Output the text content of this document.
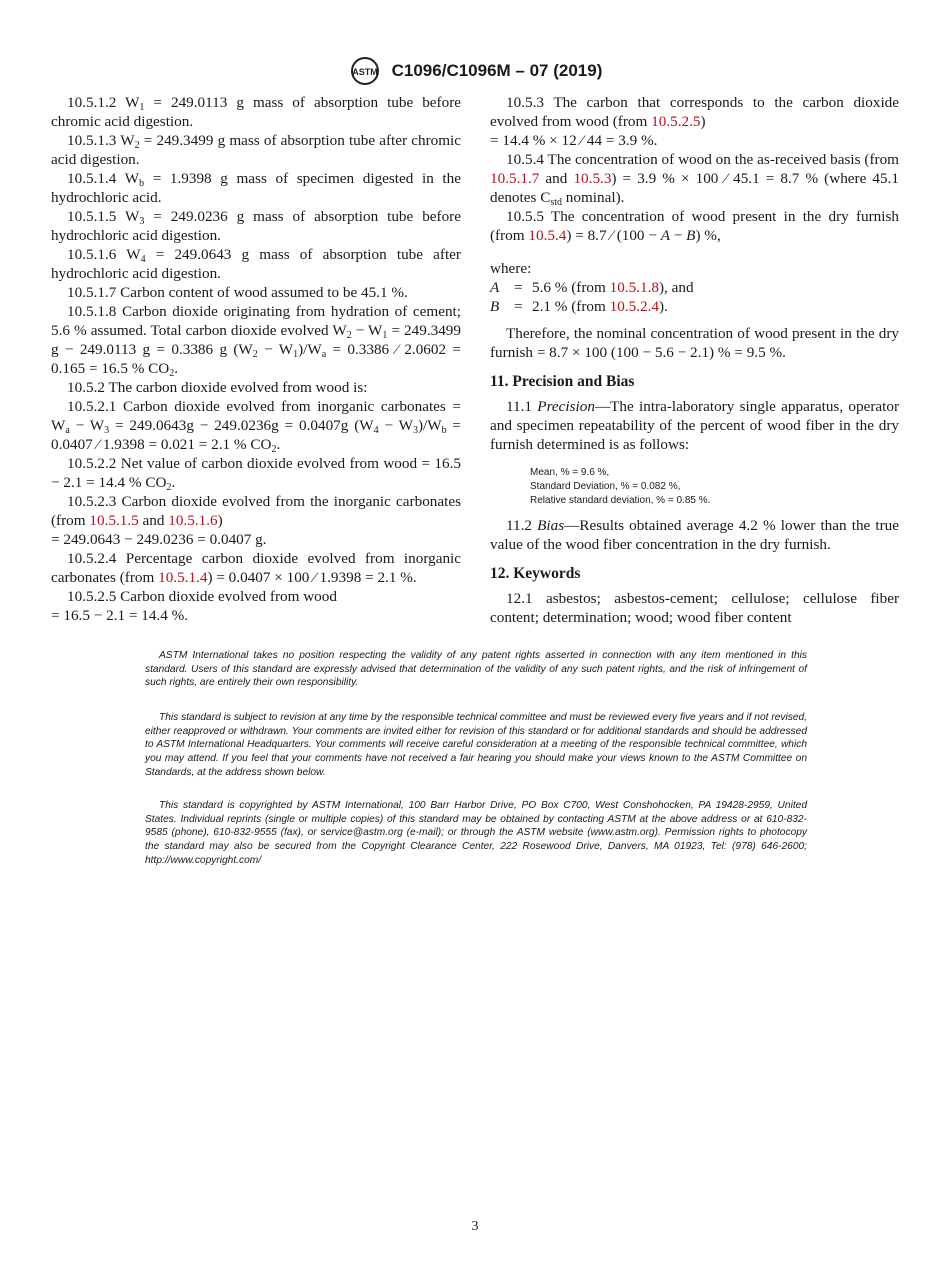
ASTM C1096/C1096M – 07 (2019)

10.5.1.2 $W_1 = 249.0113$ g mass of absorption tube before chromic acid digestion.

10.5.1.3 $W_2 = 249.3499$ g mass of absorption tube after chromic acid digestion.

10.5.1.4 $W_b = 1.9398$ g mass of specimen digested in the hydrochloric acid.

10.5.1.5 $W_3 = 249.0236$ g mass of absorption tube before hydrochloric acid digestion.

10.5.1.6 $W_4 = 249.0643$ g mass of absorption tube after hydrochloric acid digestion.

10.5.1.7 Carbon content of wood assumed to be 45.1 %.

10.5.1.8 Carbon dioxide originating from hydration of cement; 5.6 % assumed. Total carbon dioxide evolved $W_2 - W_1 = 249.3499$ g − 249.0113 g = 0.3386 g $(W_2 - W_1)/W_a = 0.3386$ ⁄ 2.0602 = 0.165 = 16.5 % $CO_2$.

10.5.2 The carbon dioxide evolved from wood is:

10.5.2.1 Carbon dioxide evolved from inorganic carbonates = $W_a - W_3 = 249.0643g - 249.0236g = 0.0407g$ $(W_4 - W_3)/W_b = 0.0407$ ⁄ 1.9398 = 0.021 = 2.1 % $CO_2$.

10.5.2.2 Net value of carbon dioxide evolved from wood = 16.5 − 2.1 = 14.4 % $CO_2$.

10.5.2.3 Carbon dioxide evolved from the inorganic carbonates (from 10.5.1.5 and 10.5.1.6)

= 249.0643 − 249.0236 = 0.0407 g.

10.5.2.4 Percentage carbon dioxide evolved from inorganic carbonates (from 10.5.1.4) = 0.0407 × 100 ⁄ 1.9398 = 2.1 %.

10.5.2.5 Carbon dioxide evolved from wood

= 16.5 − 2.1 = 14.4 %.

10.5.3 The carbon that corresponds to the carbon dioxide evolved from wood (from 10.5.2.5)

= 14.4 % × 12 ⁄ 44 = 3.9 %.

10.5.4 The concentration of wood on the as-received basis (from 10.5.1.7 and 10.5.3) = 3.9 % × 100 ⁄ 45.1 = 8.7 % (where 45.1 denotes $C_{std}$ nominal).

10.5.5 The concentration of wood present in the dry furnish (from 10.5.4) = 8.7 ⁄ (100 − A − B) %,

where:

A = 5.6 % (from 10.5.1.8), and
B = 2.1 % (from 10.5.2.4).

Therefore, the nominal concentration of wood present in the dry furnish = 8.7 × 100 (100 − 5.6 − 2.1) % = 9.5 %.

11. Precision and Bias

11.1 Precision—The intra-laboratory single apparatus, operator and specimen repeatability of the percent of wood fiber in the dry furnish determined is as follows:

Mean, % = 9.6 %,
Standard Deviation, % = 0.082 %,
Relative standard deviation, % = 0.85 %.

11.2 Bias—Results obtained average 4.2 % lower than the true value of the wood fiber concentration in the dry furnish.

12. Keywords

12.1 asbestos; asbestos-cement; cellulose; cellulose fiber content; determination; wood; wood fiber content

ASTM International takes no position respecting the validity of any patent rights asserted in connection with any item mentioned in this standard. Users of this standard are expressly advised that determination of the validity of any such patent rights, and the risk of infringement of such rights, are entirely their own responsibility.

This standard is subject to revision at any time by the responsible technical committee and must be reviewed every five years and if not revised, either reapproved or withdrawn. Your comments are invited either for revision of this standard or for additional standards and should be addressed to ASTM International Headquarters. Your comments will receive careful consideration at a meeting of the responsible technical committee, which you may attend. If you feel that your comments have not received a fair hearing you should make your views known to the ASTM Committee on Standards, at the address shown below.

This standard is copyrighted by ASTM International, 100 Barr Harbor Drive, PO Box C700, West Conshohocken, PA 19428-2959, United States. Individual reprints (single or multiple copies) of this standard may be obtained by contacting ASTM at the above address or at 610-832-9585 (phone), 610-832-9555 (fax), or service@astm.org (e-mail); or through the ASTM website (www.astm.org). Permission rights to photocopy the standard may also be secured from the Copyright Clearance Center, 222 Rosewood Drive, Danvers, MA 01923, Tel: (978) 646-2600; http://www.copyright.com/

3
